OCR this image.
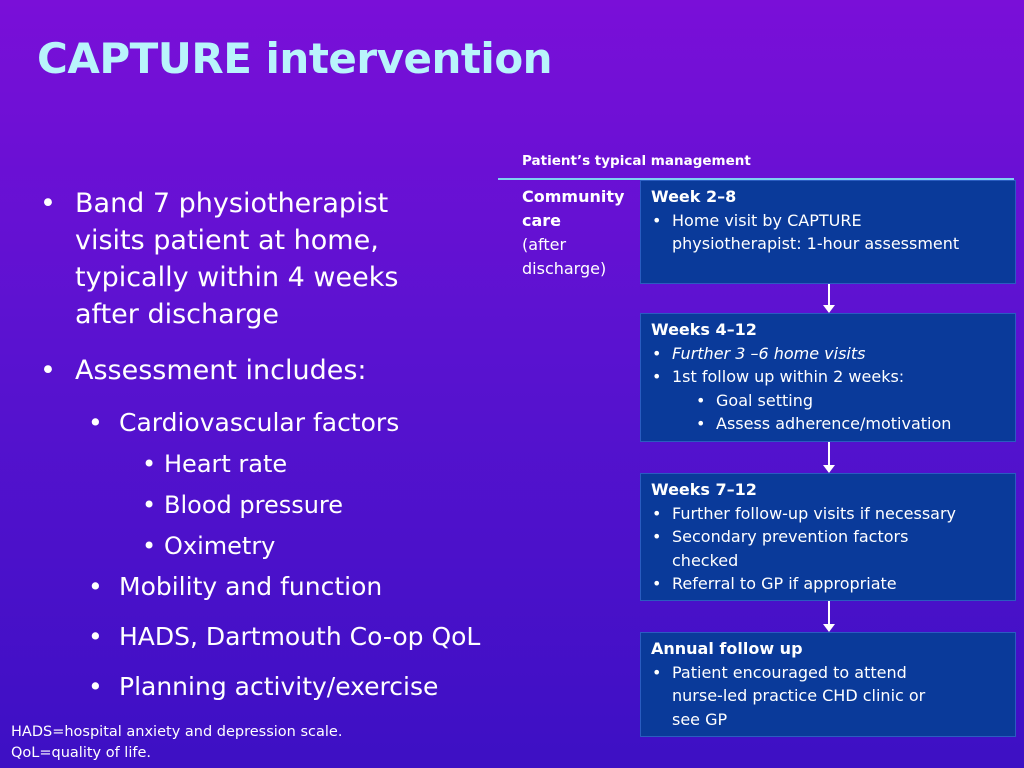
CAPTURE intervention
• Band 7 physiotherapist
visits patient at home,
typically within 4 weeks
after discharge
• Assessment includes:
• Cardiovascular factors
• Heart rate
• Blood pressure
• Oximetry
• Mobility and function
• HADS, Dartmouth Co-op QoL
• Planning activity/exercise
HADS=hospital anxiety and depression scale.
QoL=quality of life.
Patient’s typical management
Community
care
(after
discharge)
Week 2–8
• Home visit by CAPTURE
physiotherapist: 1-hour assessment
Weeks 4–12
• Further 3 –6 home visits
• 1st follow up within 2 weeks:
• Goal setting
• Assess adherence/motivation
Weeks 7–12
• Further follow-up visits if necessary
• Secondary prevention factors
checked
• Referral to GP if appropriate
Annual follow up
• Patient encouraged to attend
nurse-led practice CHD clinic or
see GP
